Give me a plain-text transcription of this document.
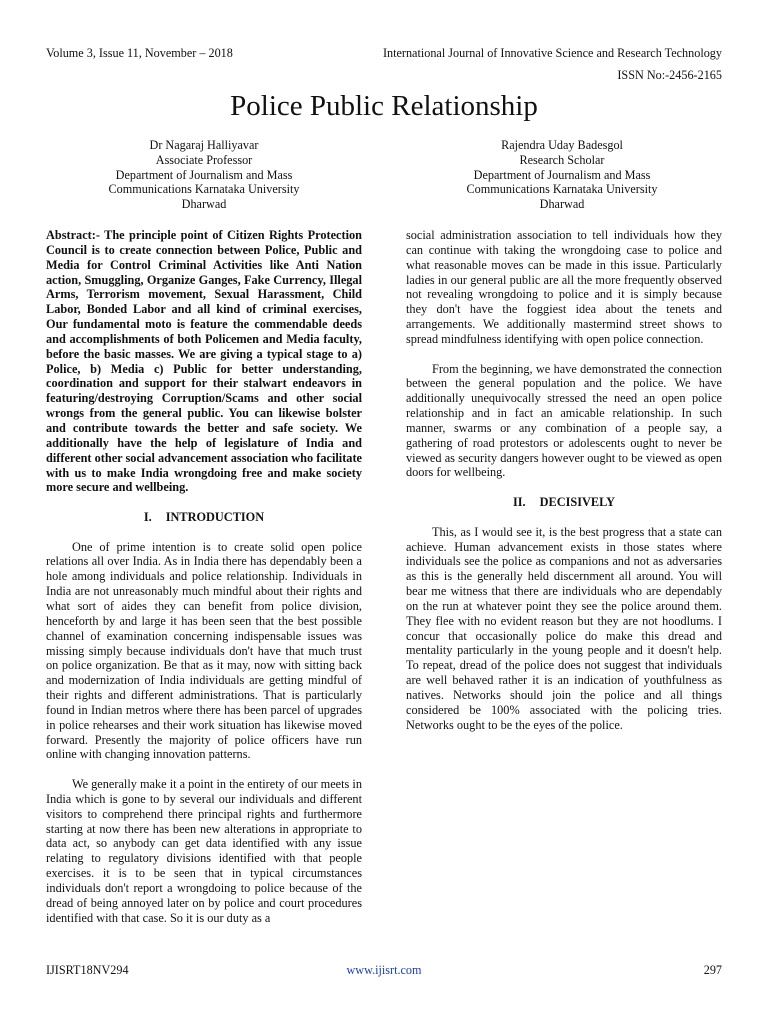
Volume 3, Issue 11, November – 2018	International Journal of Innovative Science and Research Technology
ISSN No:-2456-2165
Police Public Relationship
Dr Nagaraj Halliyavar
Associate Professor
Department of Journalism and Mass
Communications Karnataka University
Dharwad
Rajendra Uday Badesgol
Research Scholar
Department of Journalism and Mass
Communications Karnataka University
Dharwad

Abstract:- The principle point of Citizen Rights Protection Council is to create connection between Police, Public and Media for Control Criminal Activities like Anti Nation action, Smuggling, Organize Ganges, Fake Currency, Illegal Arms, Terrorism movement, Sexual Harassment, Child Labor, Bonded Labor and all kind of criminal exercises, Our fundamental moto is feature the commendable deeds and accomplishments of both Policemen and Media faculty, before the basic masses. We are giving a typical stage to a) Police, b) Media c) Public for better understanding, coordination and support for their stalwart endeavors in featuring/destroying Corruption/Scams and other social wrongs from the general public. You can likewise bolster and contribute towards the better and safe society. We additionally have the help of legislature of India and different other social advancement association who facilitate with us to make India wrongdoing free and make society more secure and wellbeing.

I. INTRODUCTION

One of prime intention is to create solid open police relations all over India. As in India there has dependably been a hole among individuals and police relationship. Individuals in India are not unreasonably much mindful about their rights and what sort of aides they can benefit from police division, henceforth by and large it has been seen that the best possible channel of examination concerning indispensable issues was missing simply because individuals don't have that much trust on police organization. Be that as it may, now with sitting back and modernization of India individuals are getting mindful of their rights and different administrations. That is particularly found in Indian metros where there has been parcel of upgrades in police rehearses and their work situation has likewise moved forward. Presently the majority of police officers have run online with changing innovation patterns.

We generally make it a point in the entirety of our meets in India which is gone to by several our individuals and different visitors to comprehend there principal rights and furthermore starting at now there has been new alterations in appropriate to data act, so anybody can get data identified with any issue relating to regulatory divisions identified with that people exercises. it is to be seen that in typical circumstances individuals don't report a wrongdoing to police because of the dread of being annoyed later on by police and court procedures identified with that case. So it is our duty as a

social administration association to tell individuals how they can continue with taking the wrongdoing case to police and what reasonable moves can be made in this issue. Particularly ladies in our general public are all the more frequently observed not revealing wrongdoing to police and it is simply because they don't have the foggiest idea about the tenets and arrangements. We additionally mastermind street shows to spread mindfulness identifying with open police connection.

From the beginning, we have demonstrated the connection between the general population and the police. We have additionally unequivocally stressed the need an open police relationship and in fact an amicable relationship. In such manner, swarms or any combination of a people say, a gathering of road protestors or adolescents ought to never be viewed as security dangers however ought to be viewed as open doors for wellbeing.

II. DECISIVELY

This, as I would see it, is the best progress that a state can achieve. Human advancement exists in those states where individuals see the police as companions and not as adversaries as this is the generally held discernment all around. You will bear me witness that there are individuals who are dependably on the run at whatever point they see the police around them. They flee with no evident reason but they are not hoodlums. I concur that occasionally police do make this dread and mentality particularly in the young people and it doesn't help. To repeat, dread of the police does not suggest that individuals are well behaved rather it is an indication of youthfulness as natives. Networks should join the police and all things considered be 100% associated with the policing tries. Networks ought to be the eyes of the police.

IJISRT18NV294	www.ijisrt.com	297
